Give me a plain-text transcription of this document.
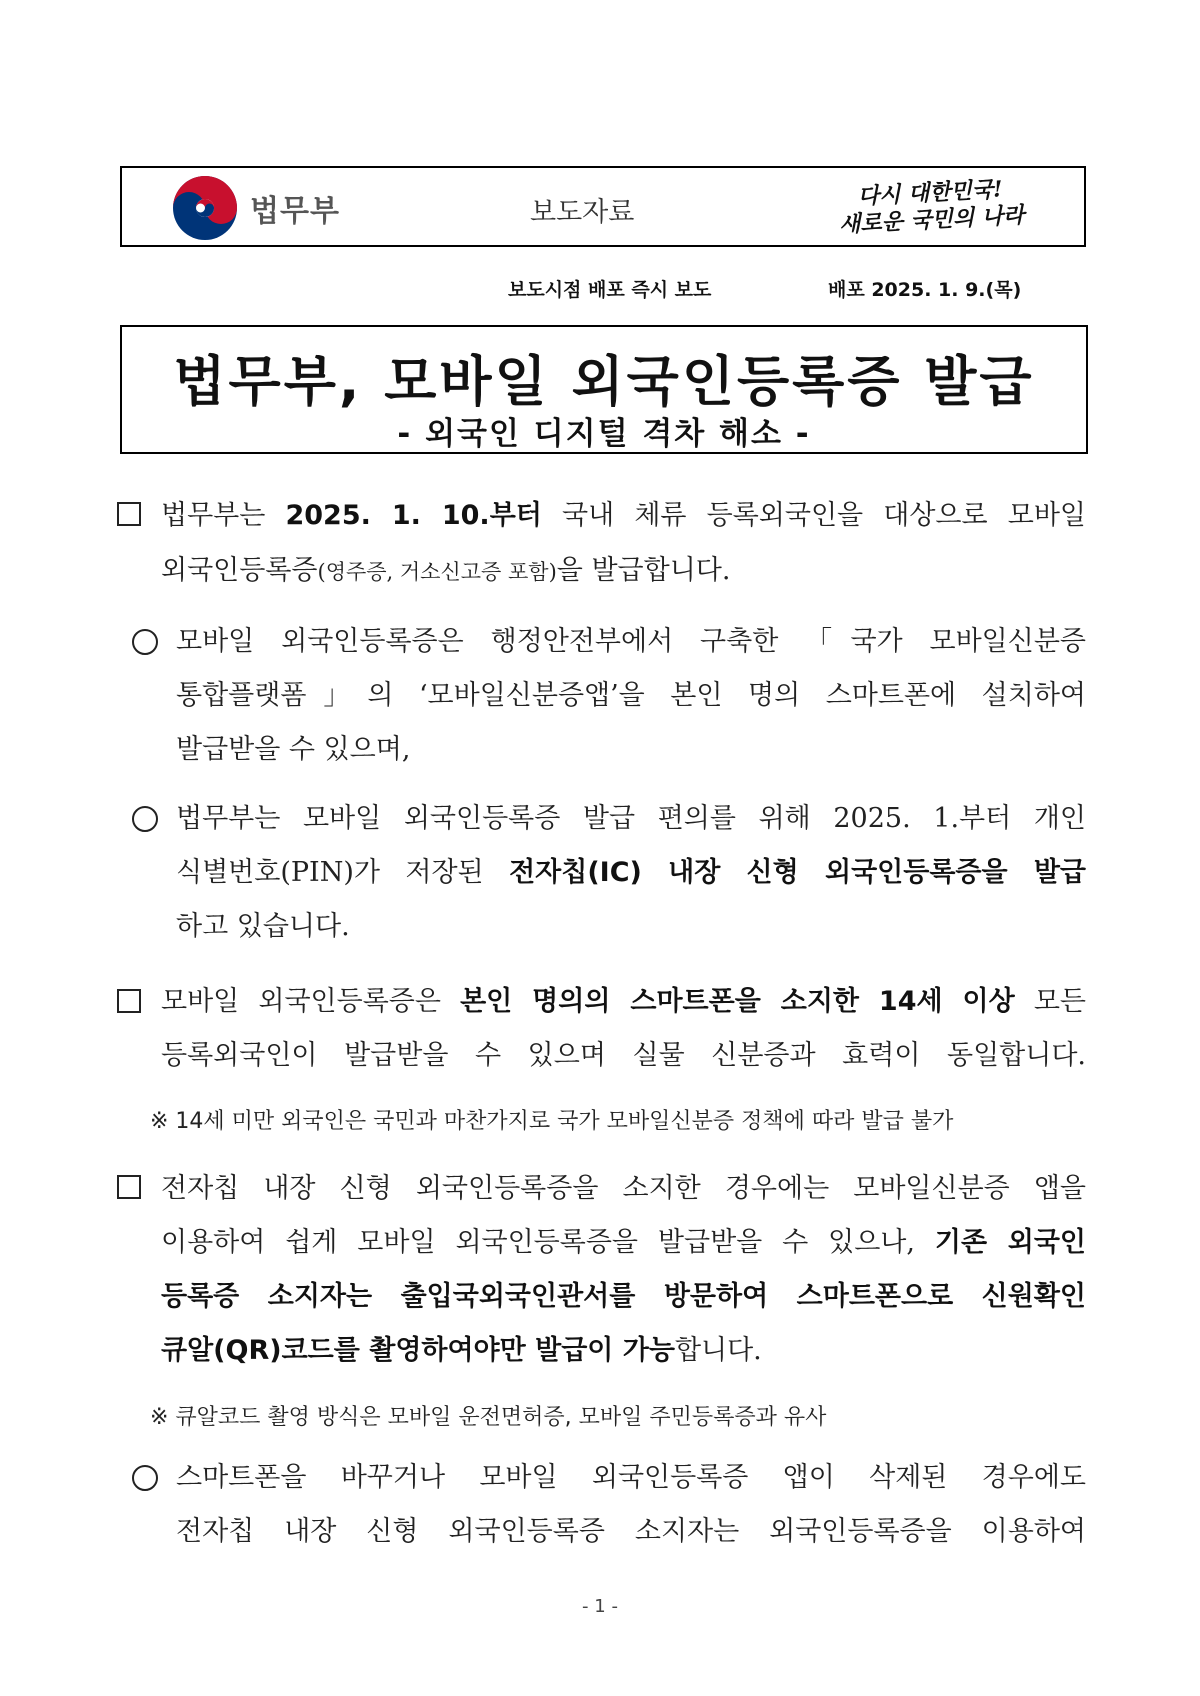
법무부	보도자료
다시 대한민국!
새로운 국민의 나라
보도시점 배포 즉시 보도	배포 2025. 1. 9.(목)
법무부, 모바일 외국인등록증 발급
- 외국인 디지털 격차 해소 -
법무부는 2025. 1. 10.부터 국내 체류 등록외국인을 대상으로 모바일
외국인등록증(영주증, 거소신고증 포함)을 발급합니다.
모바일 외국인등록증은 행정안전부에서 구축한 「국가 모바일신분증
통합플랫폼」의 ‘모바일신분증앱’을 본인 명의 스마트폰에 설치하여
발급받을 수 있으며,
법무부는 모바일 외국인등록증 발급 편의를 위해 2025. 1.부터 개인
식별번호(PIN)가 저장된 전자칩(IC) 내장 신형 외국인등록증을 발급
하고 있습니다.
모바일 외국인등록증은 본인 명의의 스마트폰을 소지한 14세 이상 모든
등록외국인이 발급받을 수 있으며 실물 신분증과 효력이 동일합니다.
※ 14세 미만 외국인은 국민과 마찬가지로 국가 모바일신분증 정책에 따라 발급 불가
전자칩 내장 신형 외국인등록증을 소지한 경우에는 모바일신분증 앱을
이용하여 쉽게 모바일 외국인등록증을 발급받을 수 있으나, 기존 외국인
등록증 소지자는 출입국외국인관서를 방문하여 스마트폰으로 신원확인
큐알(QR)코드를 촬영하여야만 발급이 가능합니다.
※ 큐알코드 촬영 방식은 모바일 운전면허증, 모바일 주민등록증과 유사
스마트폰을 바꾸거나 모바일 외국인등록증 앱이 삭제된 경우에도
전자칩 내장 신형 외국인등록증 소지자는 외국인등록증을 이용하여
- 1 -
